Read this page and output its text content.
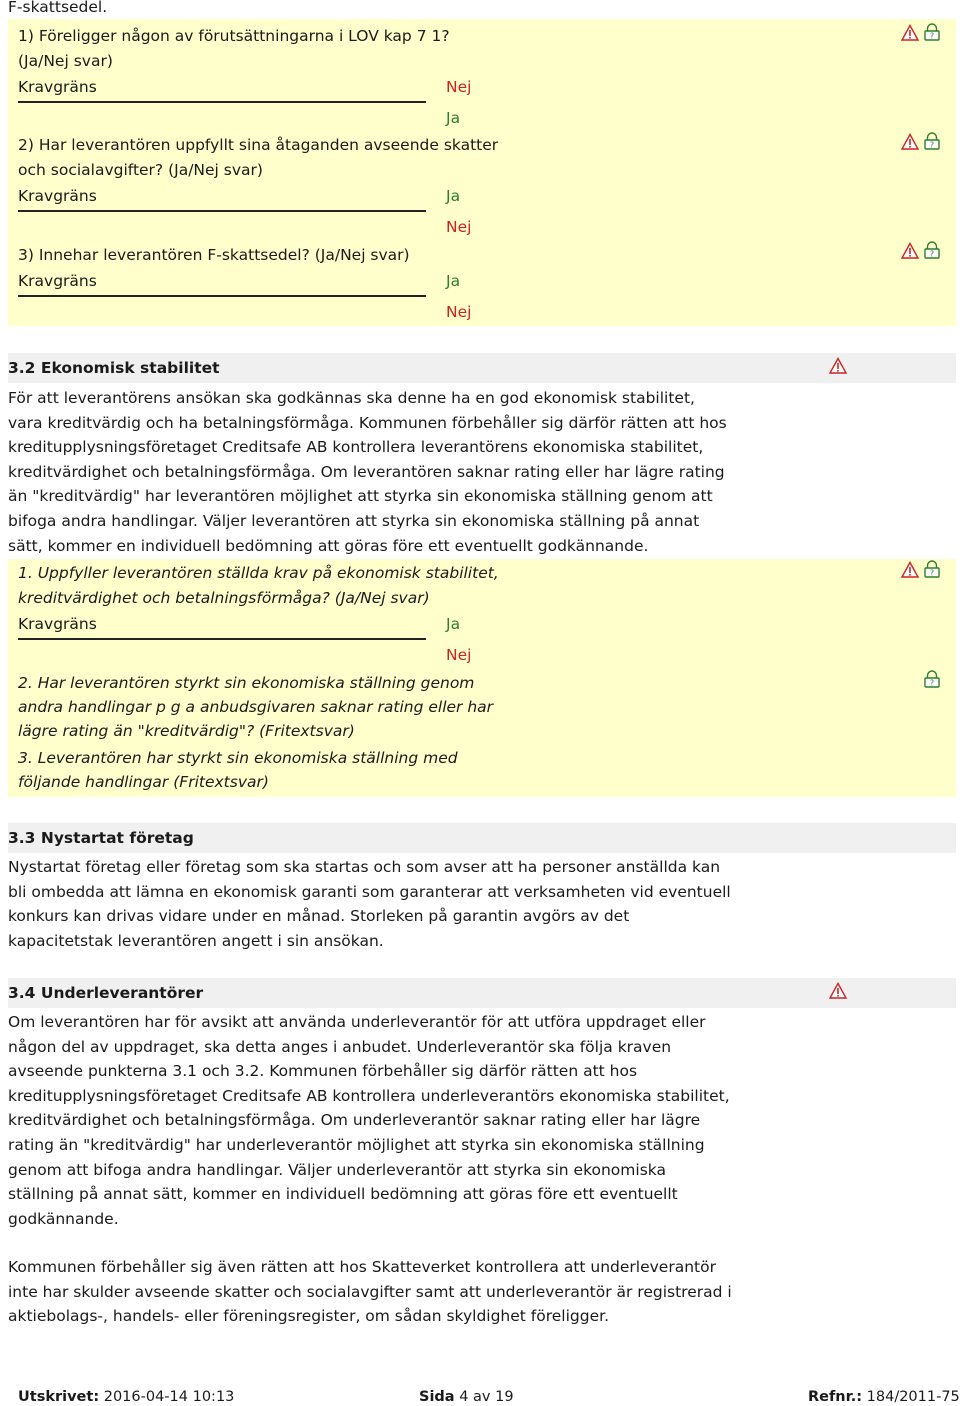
F-skattsedel.
1) Föreligger någon av förutsättningarna i LOV kap 7 1?
(Ja/Nej svar)
Kravgräns	Nej
Ja
2) Har leverantören uppfyllt sina åtaganden avseende skatter
och socialavgifter? (Ja/Nej svar)
Kravgräns	Ja
Nej
3) Innehar leverantören F-skattsedel? (Ja/Nej svar)
Kravgräns	Ja
Nej
?
?
?
3.2 Ekonomisk stabilitet
För att leverantörens ansökan ska godkännas ska denne ha en god ekonomisk stabilitet,
vara kreditvärdig och ha betalningsförmåga. Kommunen förbehåller sig därför rätten att hos
kreditupplysningsföretaget Creditsafe AB kontrollera leverantörens ekonomiska stabilitet,
kreditvärdighet och betalningsförmåga. Om leverantören saknar rating eller har lägre rating
än "kreditvärdig" har leverantören möjlighet att styrka sin ekonomiska ställning genom att
bifoga andra handlingar. Väljer leverantören att styrka sin ekonomiska ställning på annat
sätt, kommer en individuell bedömning att göras före ett eventuellt godkännande.
1. Uppfyller leverantören ställda krav på ekonomisk stabilitet,
kreditvärdighet och betalningsförmåga? (Ja/Nej svar)
Kravgräns	Ja
Nej
2. Har leverantören styrkt sin ekonomiska ställning genom
andra handlingar p g a anbudsgivaren saknar rating eller har
lägre rating än "kreditvärdig"? (Fritextsvar)
3. Leverantören har styrkt sin ekonomiska ställning med
följande handlingar (Fritextsvar)
?
?
3.3 Nystartat företag
Nystartat företag eller företag som ska startas och som avser att ha personer anställda kan
bli ombedda att lämna en ekonomisk garanti som garanterar att verksamheten vid eventuell
konkurs kan drivas vidare under en månad. Storleken på garantin avgörs av det
kapacitetstak leverantören angett i sin ansökan.
3.4 Underleverantörer
Om leverantören har för avsikt att använda underleverantör för att utföra uppdraget eller
någon del av uppdraget, ska detta anges i anbudet. Underleverantör ska följa kraven
avseende punkterna 3.1 och 3.2. Kommunen förbehåller sig därför rätten att hos
kreditupplysningsföretaget Creditsafe AB kontrollera underleverantörs ekonomiska stabilitet,
kreditvärdighet och betalningsförmåga. Om underleverantör saknar rating eller har lägre
rating än "kreditvärdig" har underleverantör möjlighet att styrka sin ekonomiska ställning
genom att bifoga andra handlingar. Väljer underleverantör att styrka sin ekonomiska
ställning på annat sätt, kommer en individuell bedömning att göras före ett eventuellt
godkännande.
Kommunen förbehåller sig även rätten att hos Skatteverket kontrollera att underleverantör
inte har skulder avseende skatter och socialavgifter samt att underleverantör är registrerad i
aktiebolags-, handels- eller föreningsregister, om sådan skyldighet föreligger.
Utskrivet: 2016-04-14 10:13	Sida 4 av 19	Refnr.: 184/2011-75
